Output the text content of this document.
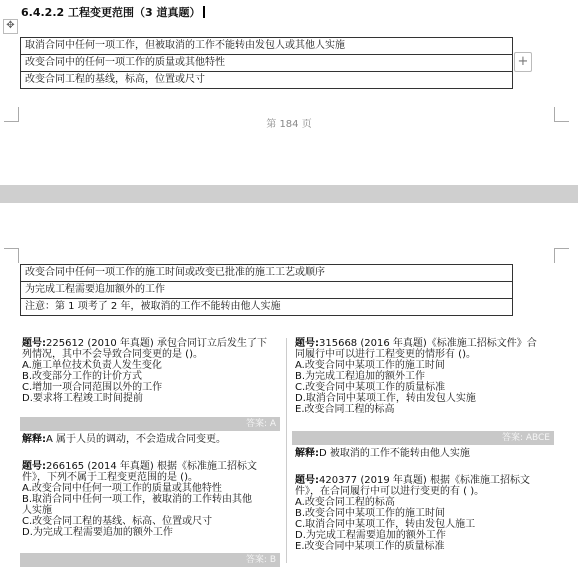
6.4.2.2 工程变更范围（3 道真题）
✥
取消合同中任何一项工作，但被取消的工作不能转由发包人或其他人实施
改变合同中的任何一项工作的质量或其他特性
改变合同工程的基线，标高，位置或尺寸
+
第 184 页
改变合同中任何一项工作的施工时间或改变已批准的施工工艺或顺序
为完成工程需要追加额外的工作
注意：第 1 项考了 2 年，被取消的工作不能转由他人实施
题号:225612 (2010 年真题) 承包合同订立后发生了下
列情况，其中不会导致合同变更的是 ()。
A.施工单位技术负责人发生变化
B.改变部分工作的计价方式
C.增加一项合同范围以外的工作
D.要求将工程竣工时间提前
答案: A
解释:A 属于人员的调动，不会造成合同变更。
题号:266165 (2014 年真题) 根据《标准施工招标文
件》，下列不属于工程变更范围的是 ()。
A.改变合同中任何一项工作的质量或其他特性
B.取消合同中任何一项工作，被取消的工作转由其他
人实施
C.改变合同工程的基线、标高、位置或尺寸
D.为完成工程需要追加的额外工作
答案: B
题号:315668 (2016 年真题)《标准施工招标文件》合
同履行中可以进行工程变更的情形有 ()。
A.改变合同中某项工作的施工时间
B.为完成工程追加的额外工作
C.改变合同中某项工作的质量标准
D.取消合同中某项工作，转由发包人实施
E.改变合同工程的标高
答案: ABCE
解释:D 被取消的工作不能转由他人实施
题号:420377 (2019 年真题) 根据《标准施工招标文
件》，在合同履行中可以进行变更的有 ( )。
A.改变合同工程的标高
B.改变合同中某项工作的施工时间
C.取消合同中某项工作，转由发包人施工
D.为完成工程需要追加的额外工作
E.改变合同中某项工作的质量标准
